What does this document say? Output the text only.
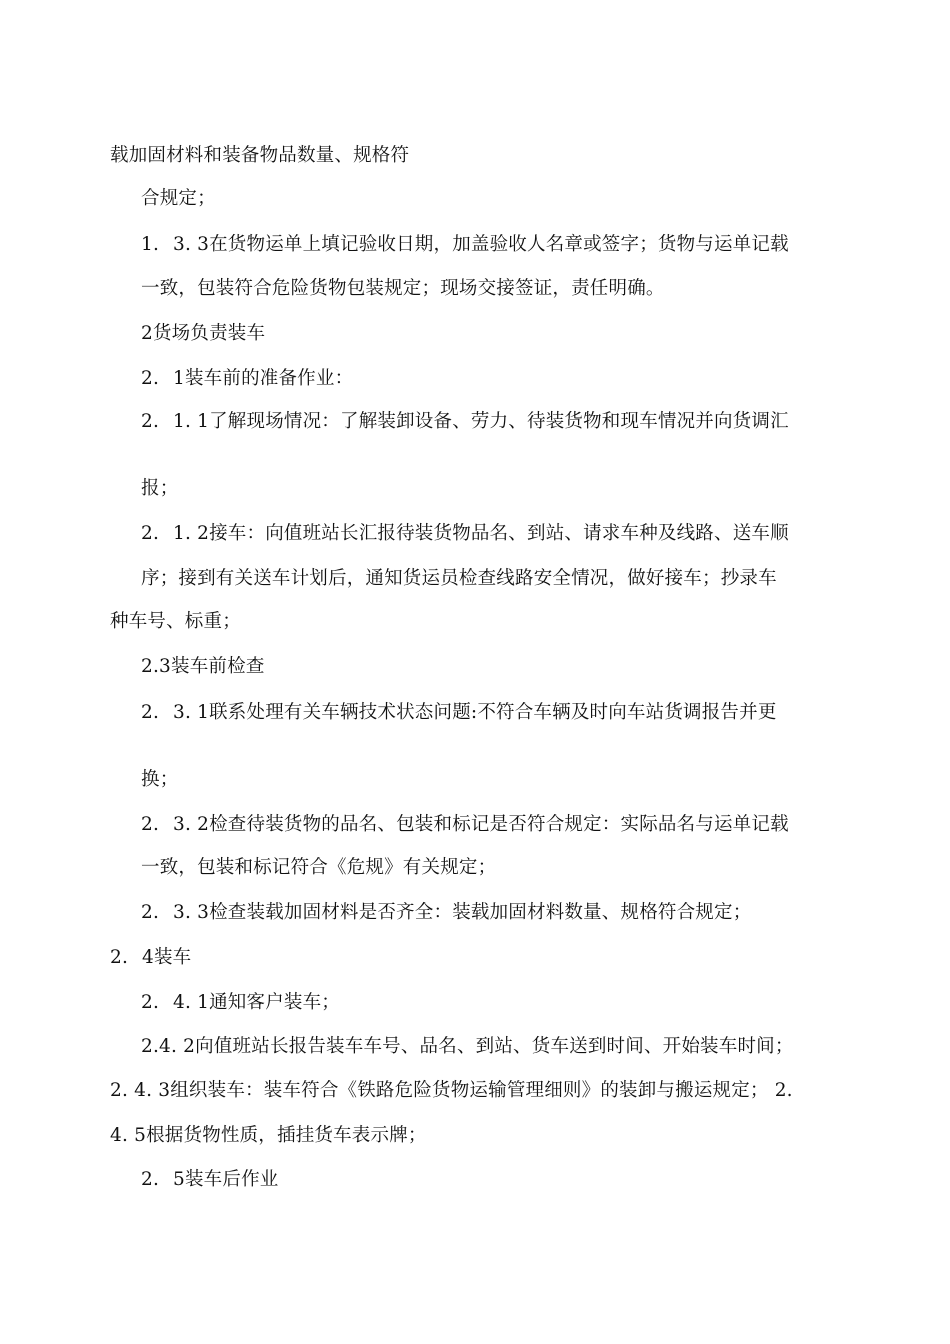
载加固材料和装备物品数量、规格符

合规定；

1. 3. 3在货物运单上填记验收日期，加盖验收人名章或签字；货物与运单记载

一致，包装符合危险货物包装规定；现场交接签证，责任明确。

2货场负责装车

2. 1装车前的准备作业：

2. 1. 1了解现场情况：了解装卸设备、劳力、待装货物和现车情况并向货调汇

报；

2. 1. 2接车：向值班站长汇报待装货物品名、到站、请求车种及线路、送车顺

序；接到有关送车计划后，通知货运员检查线路安全情况，做好接车；抄录车

种车号、标重；

2.3装车前检查

2. 3. 1联系处理有关车辆技术状态问题:不符合车辆及时向车站货调报告并更

换；

2. 3. 2检查待装货物的品名、包装和标记是否符合规定：实际品名与运单记载

一致，包装和标记符合《危规》有关规定；

2. 3. 3检查装载加固材料是否齐全：装载加固材料数量、规格符合规定；

2. 4装车

2. 4. 1通知客户装车；

2.4. 2向值班站长报告装车车号、品名、到站、货车送到时间、开始装车时间；

2. 4. 3组织装车：装车符合《铁路危险货物运输管理细则》的装卸与搬运规定； 2.

4. 5根据货物性质，插挂货车表示牌；

2. 5装车后作业
